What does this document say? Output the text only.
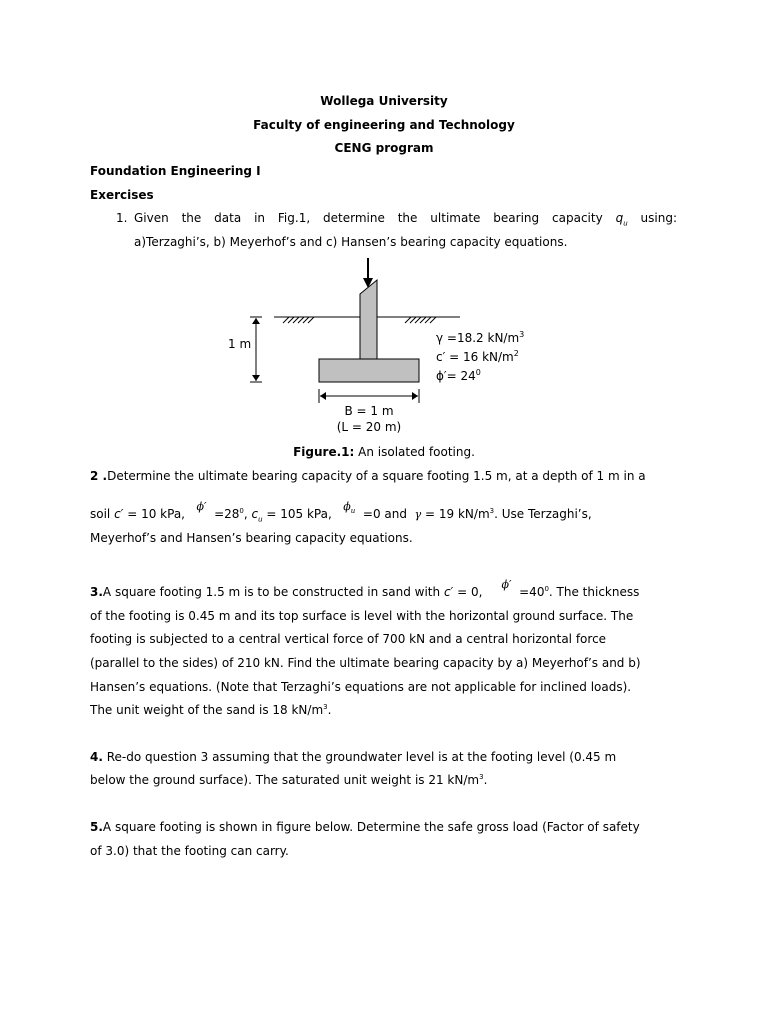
Wollega University
Faculty of engineering and Technology
CENG program
Foundation Engineering I
Exercises
1. Given the data in Fig.1, determine the ultimate bearing capacity $q_u$ using:
a)Terzaghi’s, b) Meyerhof’s and c) Hansen’s bearing capacity equations.
1 m	γ =18.2 $kN/m^3$
c′ = 16 $kN/m^2$
$\phi'= 24^0$
B = 1 m
(L = 20 m)
Figure.1: An isolated footing.
2 .Determine the ultimate bearing capacity of a square footing 1.5 m, at a depth of 1 m in a
soil c′ = 10 kPa,   $\phi' =28^0$, $c_u = 105$ kPa,   $\phi_u =0$ and γ = 19 $kN/m^3$. Use Terzaghi’s,
Meyerhof’s and Hansen’s bearing capacity equations.
3.A square footing 1.5 m is to be constructed in sand with c′ = 0,     $\phi' =40^0$. The thickness
of the footing is 0.45 m and its top surface is level with the horizontal ground surface. The
footing is subjected to a central vertical force of 700 kN and a central horizontal force
(parallel to the sides) of 210 kN. Find the ultimate bearing capacity by a) Meyerhof’s and b)
Hansen’s equations. (Note that Terzaghi’s equations are not applicable for inclined loads).
The unit weight of the sand is 18 $kN/m^3$.
4. Re-do question 3 assuming that the groundwater level is at the footing level (0.45 m
below the ground surface). The saturated unit weight is 21 $kN/m^3$.
5.A square footing is shown in figure below. Determine the safe gross load (Factor of safety
of 3.0) that the footing can carry.
